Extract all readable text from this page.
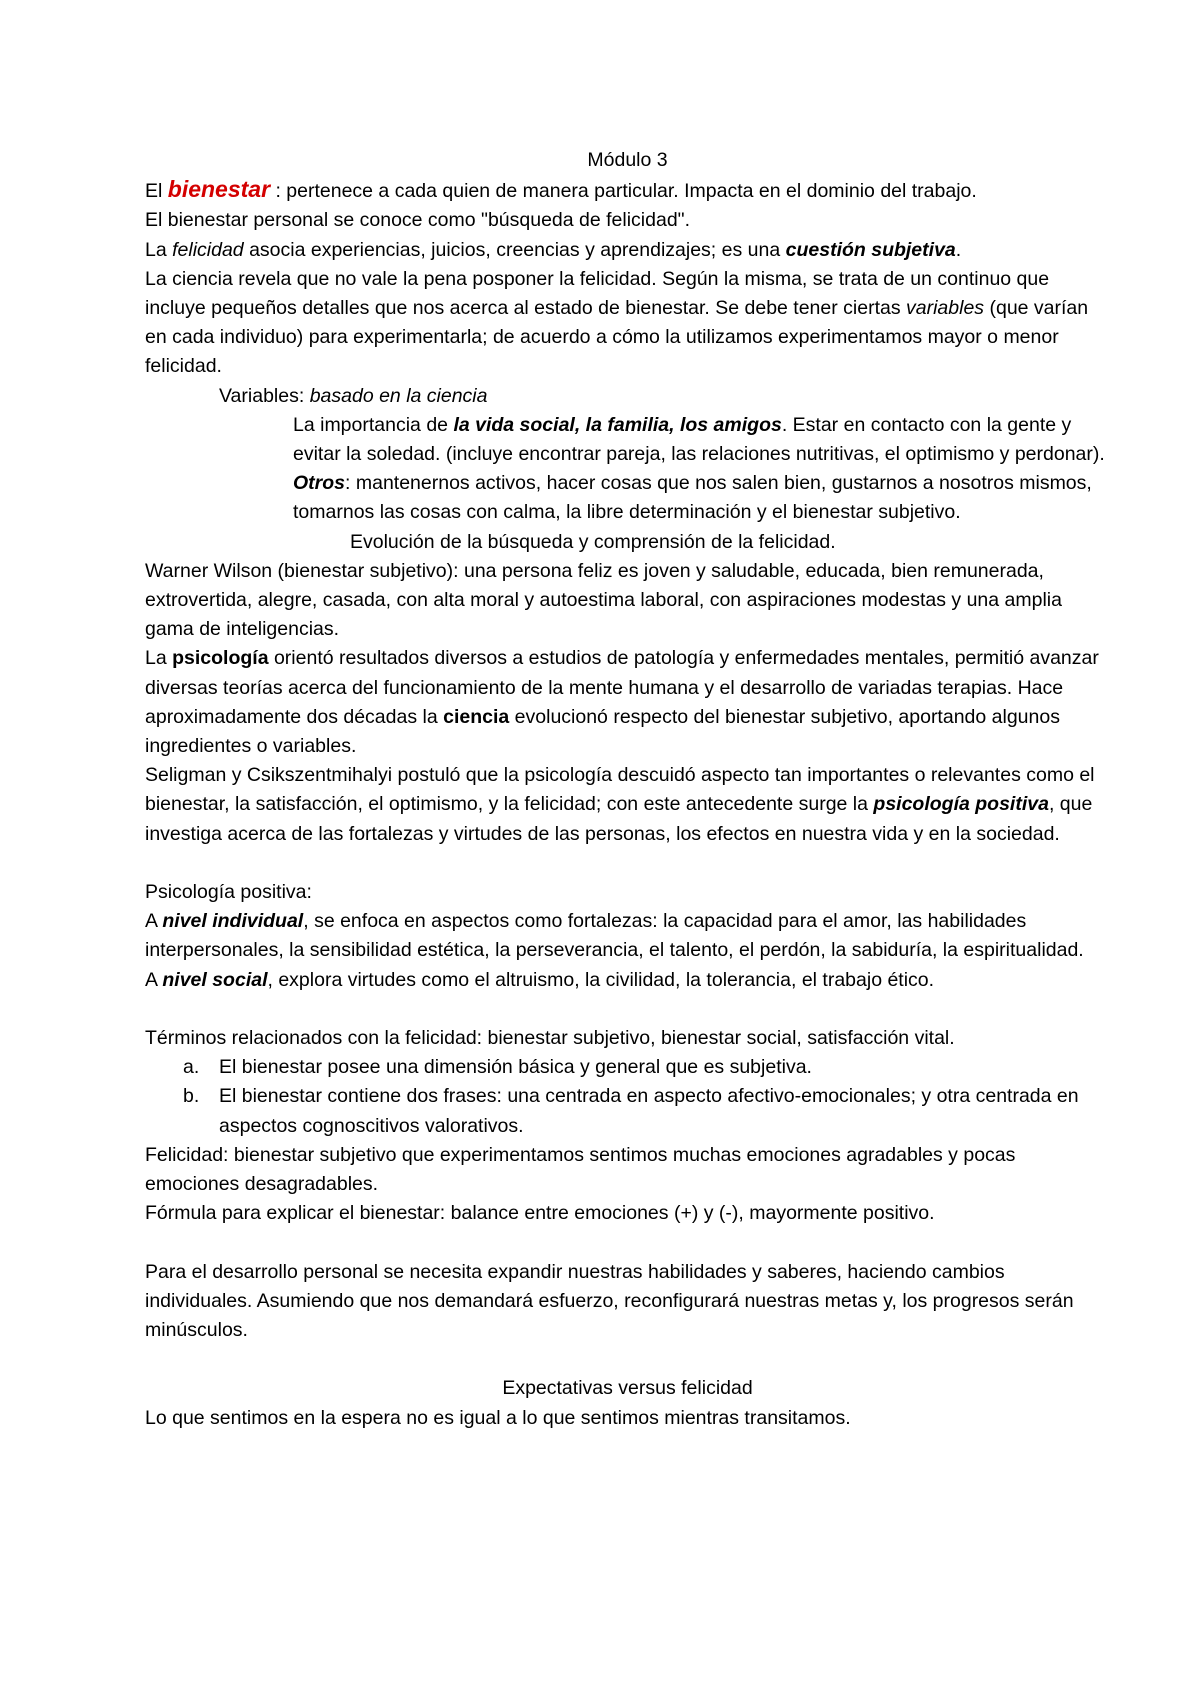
Módulo 3

El bienestar : pertenece a cada quien de manera particular. Impacta en el dominio del trabajo.

El bienestar personal se conoce como "búsqueda de felicidad".

La felicidad asocia experiencias, juicios, creencias y aprendizajes; es una cuestión subjetiva.

La ciencia revela que no vale la pena posponer la felicidad. Según la misma, se trata de un continuo que incluye pequeños detalles que nos acerca al estado de bienestar. Se debe tener ciertas variables (que varían en cada individuo) para experimentarla; de acuerdo a cómo la utilizamos experimentamos mayor o menor felicidad.

Variables: basado en la ciencia

La importancia de la vida social, la familia, los amigos. Estar en contacto con la gente y evitar la soledad. (incluye encontrar pareja, las relaciones nutritivas, el optimismo y perdonar).

Otros: mantenernos activos, hacer cosas que nos salen bien, gustarnos a nosotros mismos, tomarnos las cosas con calma, la libre determinación y el bienestar subjetivo.

Evolución de la búsqueda y comprensión de la felicidad.

Warner Wilson (bienestar subjetivo): una persona feliz es joven y saludable, educada, bien remunerada, extrovertida, alegre, casada, con alta moral y autoestima laboral, con aspiraciones modestas y una amplia gama de inteligencias.

La psicología orientó resultados diversos a estudios de patología y enfermedades mentales, permitió avanzar diversas teorías acerca del funcionamiento de la mente humana y el desarrollo de variadas terapias. Hace aproximadamente dos décadas la ciencia evolucionó respecto del bienestar subjetivo, aportando algunos ingredientes o variables.

Seligman y Csikszentmihalyi postuló que la psicología descuidó aspecto tan importantes o relevantes como el bienestar, la satisfacción, el optimismo, y la felicidad; con este antecedente surge la psicología positiva, que investiga acerca de las fortalezas y virtudes de las personas, los efectos en nuestra vida y en la sociedad.

Psicología positiva:

A nivel individual, se enfoca en aspectos como fortalezas: la capacidad para el amor, las habilidades interpersonales, la sensibilidad estética, la perseverancia, el talento, el perdón, la sabiduría, la espiritualidad.

A nivel social, explora virtudes como el altruismo, la civilidad, la tolerancia, el trabajo ético.

Términos relacionados con la felicidad: bienestar subjetivo, bienestar social, satisfacción vital.

a. El bienestar posee una dimensión básica y general que es subjetiva.
b. El bienestar contiene dos frases: una centrada en aspecto afectivo-emocionales; y otra centrada en aspectos cognoscitivos valorativos.

Felicidad: bienestar subjetivo que experimentamos sentimos muchas emociones agradables y pocas emociones desagradables.

Fórmula para explicar el bienestar: balance entre emociones (+) y (-), mayormente positivo.

Para el desarrollo personal se necesita expandir nuestras habilidades y saberes, haciendo cambios individuales. Asumiendo que nos demandará esfuerzo, reconfigurará nuestras metas y, los progresos serán minúsculos.

Expectativas versus felicidad

Lo que sentimos en la espera no es igual a lo que sentimos mientras transitamos.
